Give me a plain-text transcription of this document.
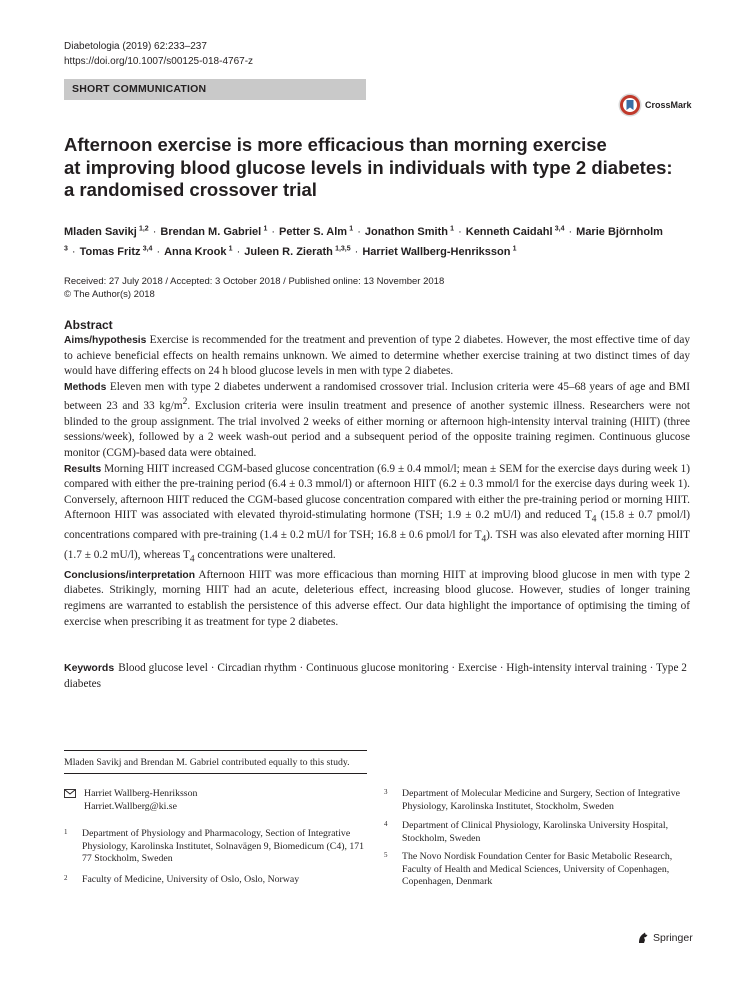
Diabetologia (2019) 62:233–237
https://doi.org/10.1007/s00125-018-4767-z
SHORT COMMUNICATION
CrossMark
Afternoon exercise is more efficacious than morning exercise
at improving blood glucose levels in individuals with type 2 diabetes:
a randomised crossover trial
Mladen Savikj  $^{1,2}$ · Brendan M. Gabriel  $^1$ · Petter S. Alm  $^1$ · Jonathon Smith  $^1$ · Kenneth Caidahl  $^{3,4}$ · Marie Björnholm $^3$ · Tomas Fritz  $^{3,4}$ · Anna Krook  $^1$ · Juleen R. Zierath  $^{1,3,5}$ · Harriet Wallberg-Henriksson  $^1$
Received: 27 July 2018 / Accepted: 3 October 2018 / Published online: 13 November 2018
© The Author(s) 2018
Abstract

Aims/hypothesis Exercise is recommended for the treatment and prevention of type 2 diabetes. However, the most effective time of day to achieve beneficial effects on health remains unknown. We aimed to determine whether exercise training at two distinct times of day would have differing effects on 24 h blood glucose levels in men with type 2 diabetes.

Methods Eleven men with type 2 diabetes underwent a randomised crossover trial. Inclusion criteria were 45–68 years of age and BMI between 23 and 33 $kg/m^2$. Exclusion criteria were insulin treatment and presence of another systemic illness. Researchers were not blinded to the group assignment. The trial involved 2 weeks of either morning or afternoon high-intensity interval training (HIIT) (three sessions/week), followed by a 2 week wash-out period and a subsequent period of the opposite training regimen. Continuous glucose monitor (CGM)-based data were obtained.

Results Morning HIIT increased CGM-based glucose concentration (6.9 ± 0.4 mmol/l; mean ± SEM for the exercise days during week 1) compared with either the pre-training period (6.4 ± 0.3 mmol/l) or afternoon HIIT (6.2 ± 0.3 mmol/l for the exercise days during week 1). Conversely, afternoon HIIT reduced the CGM-based glucose concentration compared with either the pre-training period or morning HIIT. Afternoon HIIT was associated with elevated thyroid-stimulating hormone (TSH; 1.9 ± 0.2 mU/l) and reduced $T_4$ (15.8 ± 0.7 pmol/l) concentrations compared with pre-training (1.4 ± 0.2 mU/l for TSH; 16.8 ± 0.6 pmol/l for $T_4$). TSH was also elevated after morning HIIT (1.7 ± 0.2 mU/l), whereas $T_4$ concentrations were unaltered.

Conclusions/interpretation Afternoon HIIT was more efficacious than morning HIIT at improving blood glucose in men with type 2 diabetes. Strikingly, morning HIIT had an acute, deleterious effect, increasing blood glucose. However, studies of longer training regimens are warranted to establish the persistence of this adverse effect. Our data highlight the importance of optimising the timing of exercise when prescribing it as treatment for type 2 diabetes.

Keywords Blood glucose level · Circadian rhythm · Continuous glucose monitoring · Exercise · High-intensity interval training · Type 2 diabetes
Mladen Savikj and Brendan M. Gabriel contributed equally to this study.
Harriet Wallberg-Henriksson
Harriet.Wallberg@ki.se
1 Department of Physiology and Pharmacology, Section of Integrative Physiology, Karolinska Institutet, Solnavägen 9, Biomedicum (C4), 171 77 Stockholm, Sweden
2 Faculty of Medicine, University of Oslo, Oslo, Norway
3 Department of Molecular Medicine and Surgery, Section of Integrative Physiology, Karolinska Institutet, Stockholm, Sweden
4 Department of Clinical Physiology, Karolinska University Hospital, Stockholm, Sweden
5 The Novo Nordisk Foundation Center for Basic Metabolic Research, Faculty of Health and Medical Sciences, University of Copenhagen, Copenhagen, Denmark
Springer
